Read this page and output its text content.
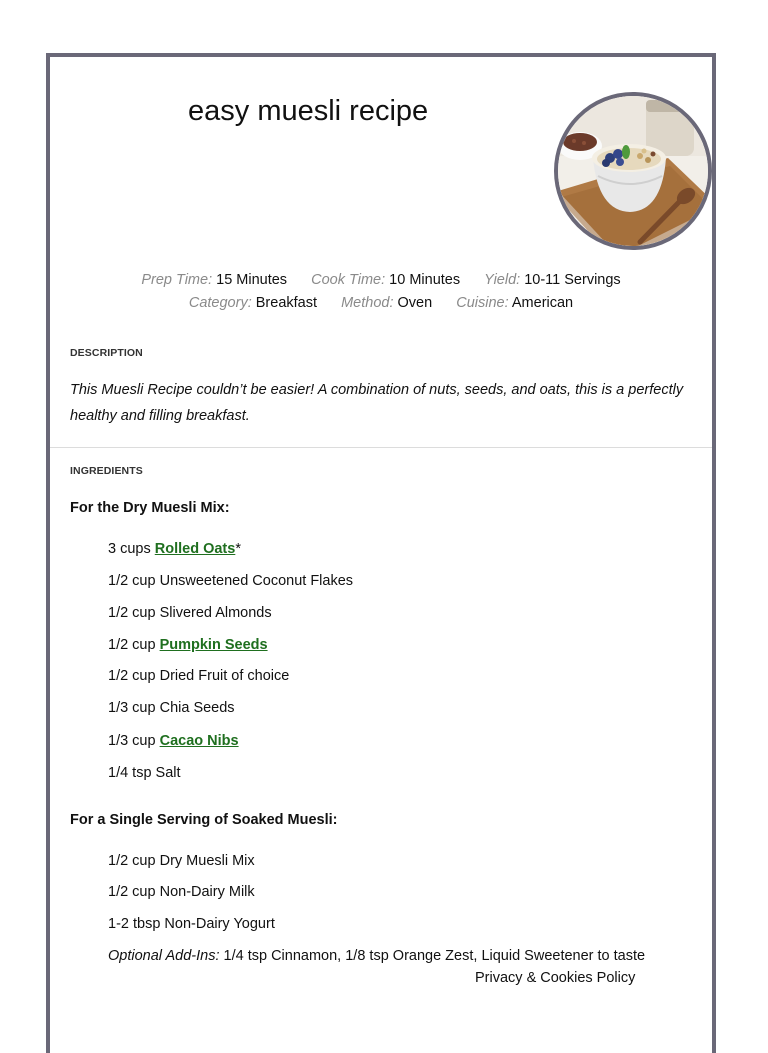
easy muesli recipe
Prep Time: 15 Minutes Cook Time: 10 Minutes Yield: 10-11 Servings
Category: Breakfast Method: Oven Cuisine: American
DESCRIPTION
This Muesli Recipe couldn’t be easier! A combination of nuts, seeds, and oats, this is a perfectly healthy and filling breakfast.
INGREDIENTS
For the Dry Muesli Mix:
3 cups Rolled Oats*
1/2 cup Unsweetened Coconut Flakes
1/2 cup Slivered Almonds
1/2 cup Pumpkin Seeds
1/2 cup Dried Fruit of choice
1/3 cup Chia Seeds
1/3 cup Cacao Nibs
1/4 tsp Salt
For a Single Serving of Soaked Muesli:
1/2 cup Dry Muesli Mix
1/2 cup Non-Dairy Milk
1-2 tbsp Non-Dairy Yogurt
Optional Add-Ins: 1/4 tsp Cinnamon, 1/8 tsp Orange Zest, Liquid Sweetener to taste
Privacy & Cookies Policy
